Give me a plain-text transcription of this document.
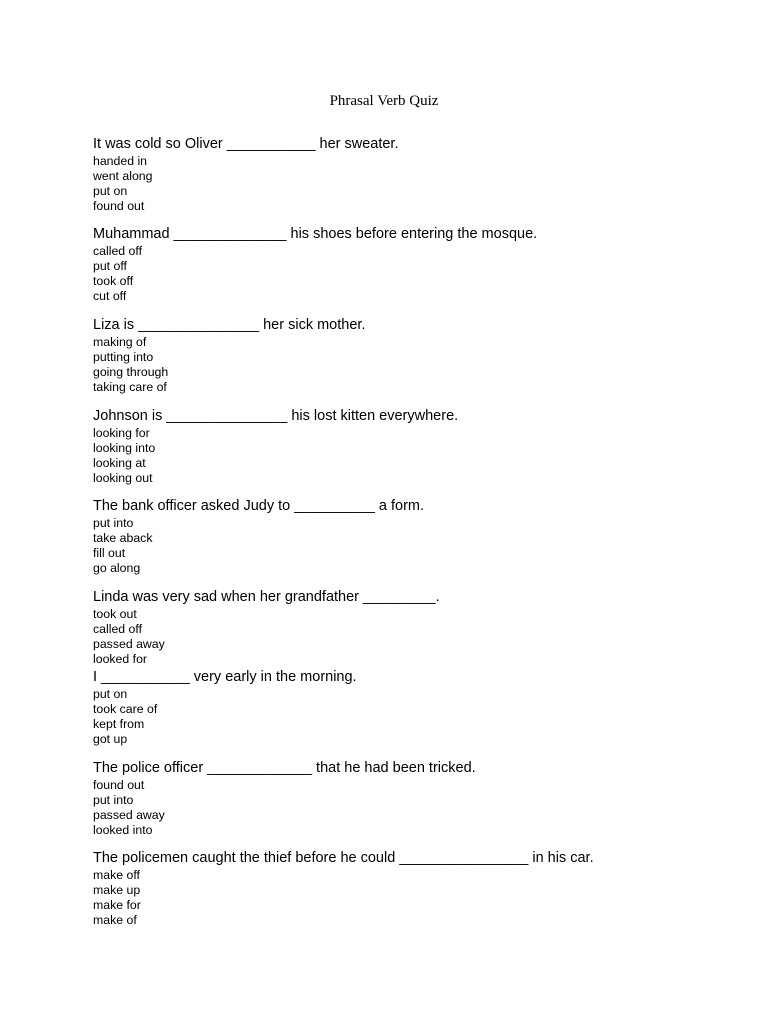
Phrasal Verb Quiz
It was cold so Oliver ___________ her sweater.
handed in
went along
put on
found out
Muhammad ______________ his shoes before entering the mosque.
called off
put off
took off
cut off
Liza is _______________ her sick mother.
making of
putting into
going through
taking care of
Johnson is _______________ his lost kitten everywhere.
looking for
looking into
looking at
looking out
The bank officer asked Judy to __________ a form.
put into
take aback
fill out
go along
Linda was very sad when her grandfather _________.
took out
called off
passed away
looked for
I ___________ very early in the morning.
put on
took care of
kept from
got up
The police officer _____________ that he had been tricked.
found out
put into
passed away
looked into
The policemen caught the thief before he could ________________ in his car.
make off
make up
make for
make of
